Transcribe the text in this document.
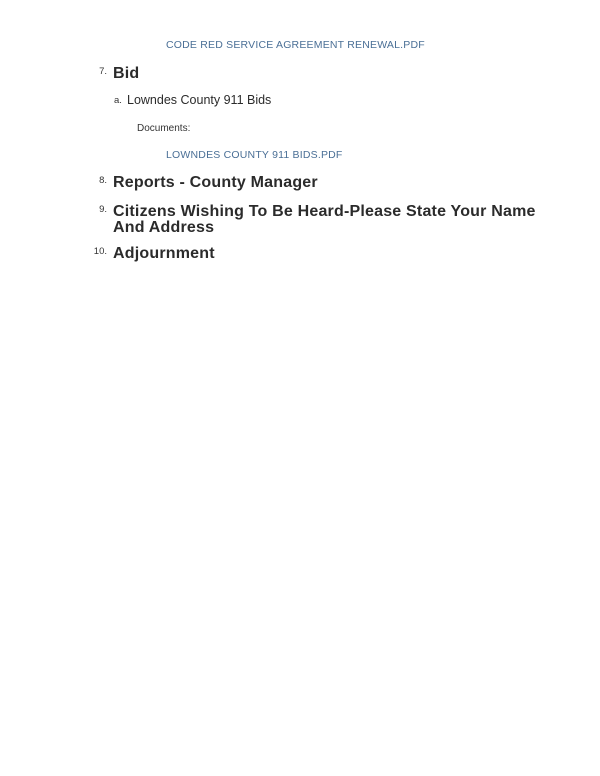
CODE RED SERVICE AGREEMENT RENEWAL.PDF
7. Bid
a. Lowndes County 911 Bids
Documents:
LOWNDES COUNTY 911 BIDS.PDF
8. Reports - County Manager
9. Citizens Wishing To Be Heard-Please State Your Name
And Address
10. Adjournment
